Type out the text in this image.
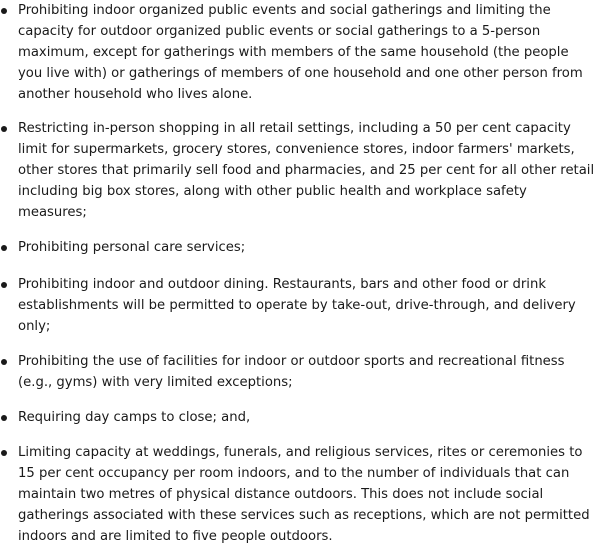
Prohibiting indoor organized public events and social gatherings and limiting the capacity for outdoor organized public events or social gatherings to a 5-person maximum, except for gatherings with members of the same household (the people you live with) or gatherings of members of one household and one other person from another household who lives alone.
Restricting in-person shopping in all retail settings, including a 50 per cent capacity limit for supermarkets, grocery stores, convenience stores, indoor farmers' markets, other stores that primarily sell food and pharmacies, and 25 per cent for all other retail including big box stores, along with other public health and workplace safety measures;
Prohibiting personal care services;
Prohibiting indoor and outdoor dining. Restaurants, bars and other food or drink establishments will be permitted to operate by take-out, drive-through, and delivery only;
Prohibiting the use of facilities for indoor or outdoor sports and recreational fitness (e.g., gyms) with very limited exceptions;
Requiring day camps to close; and,
Limiting capacity at weddings, funerals, and religious services, rites or ceremonies to 15 per cent occupancy per room indoors, and to the number of individuals that can maintain two metres of physical distance outdoors. This does not include social gatherings associated with these services such as receptions, which are not permitted indoors and are limited to five people outdoors.
